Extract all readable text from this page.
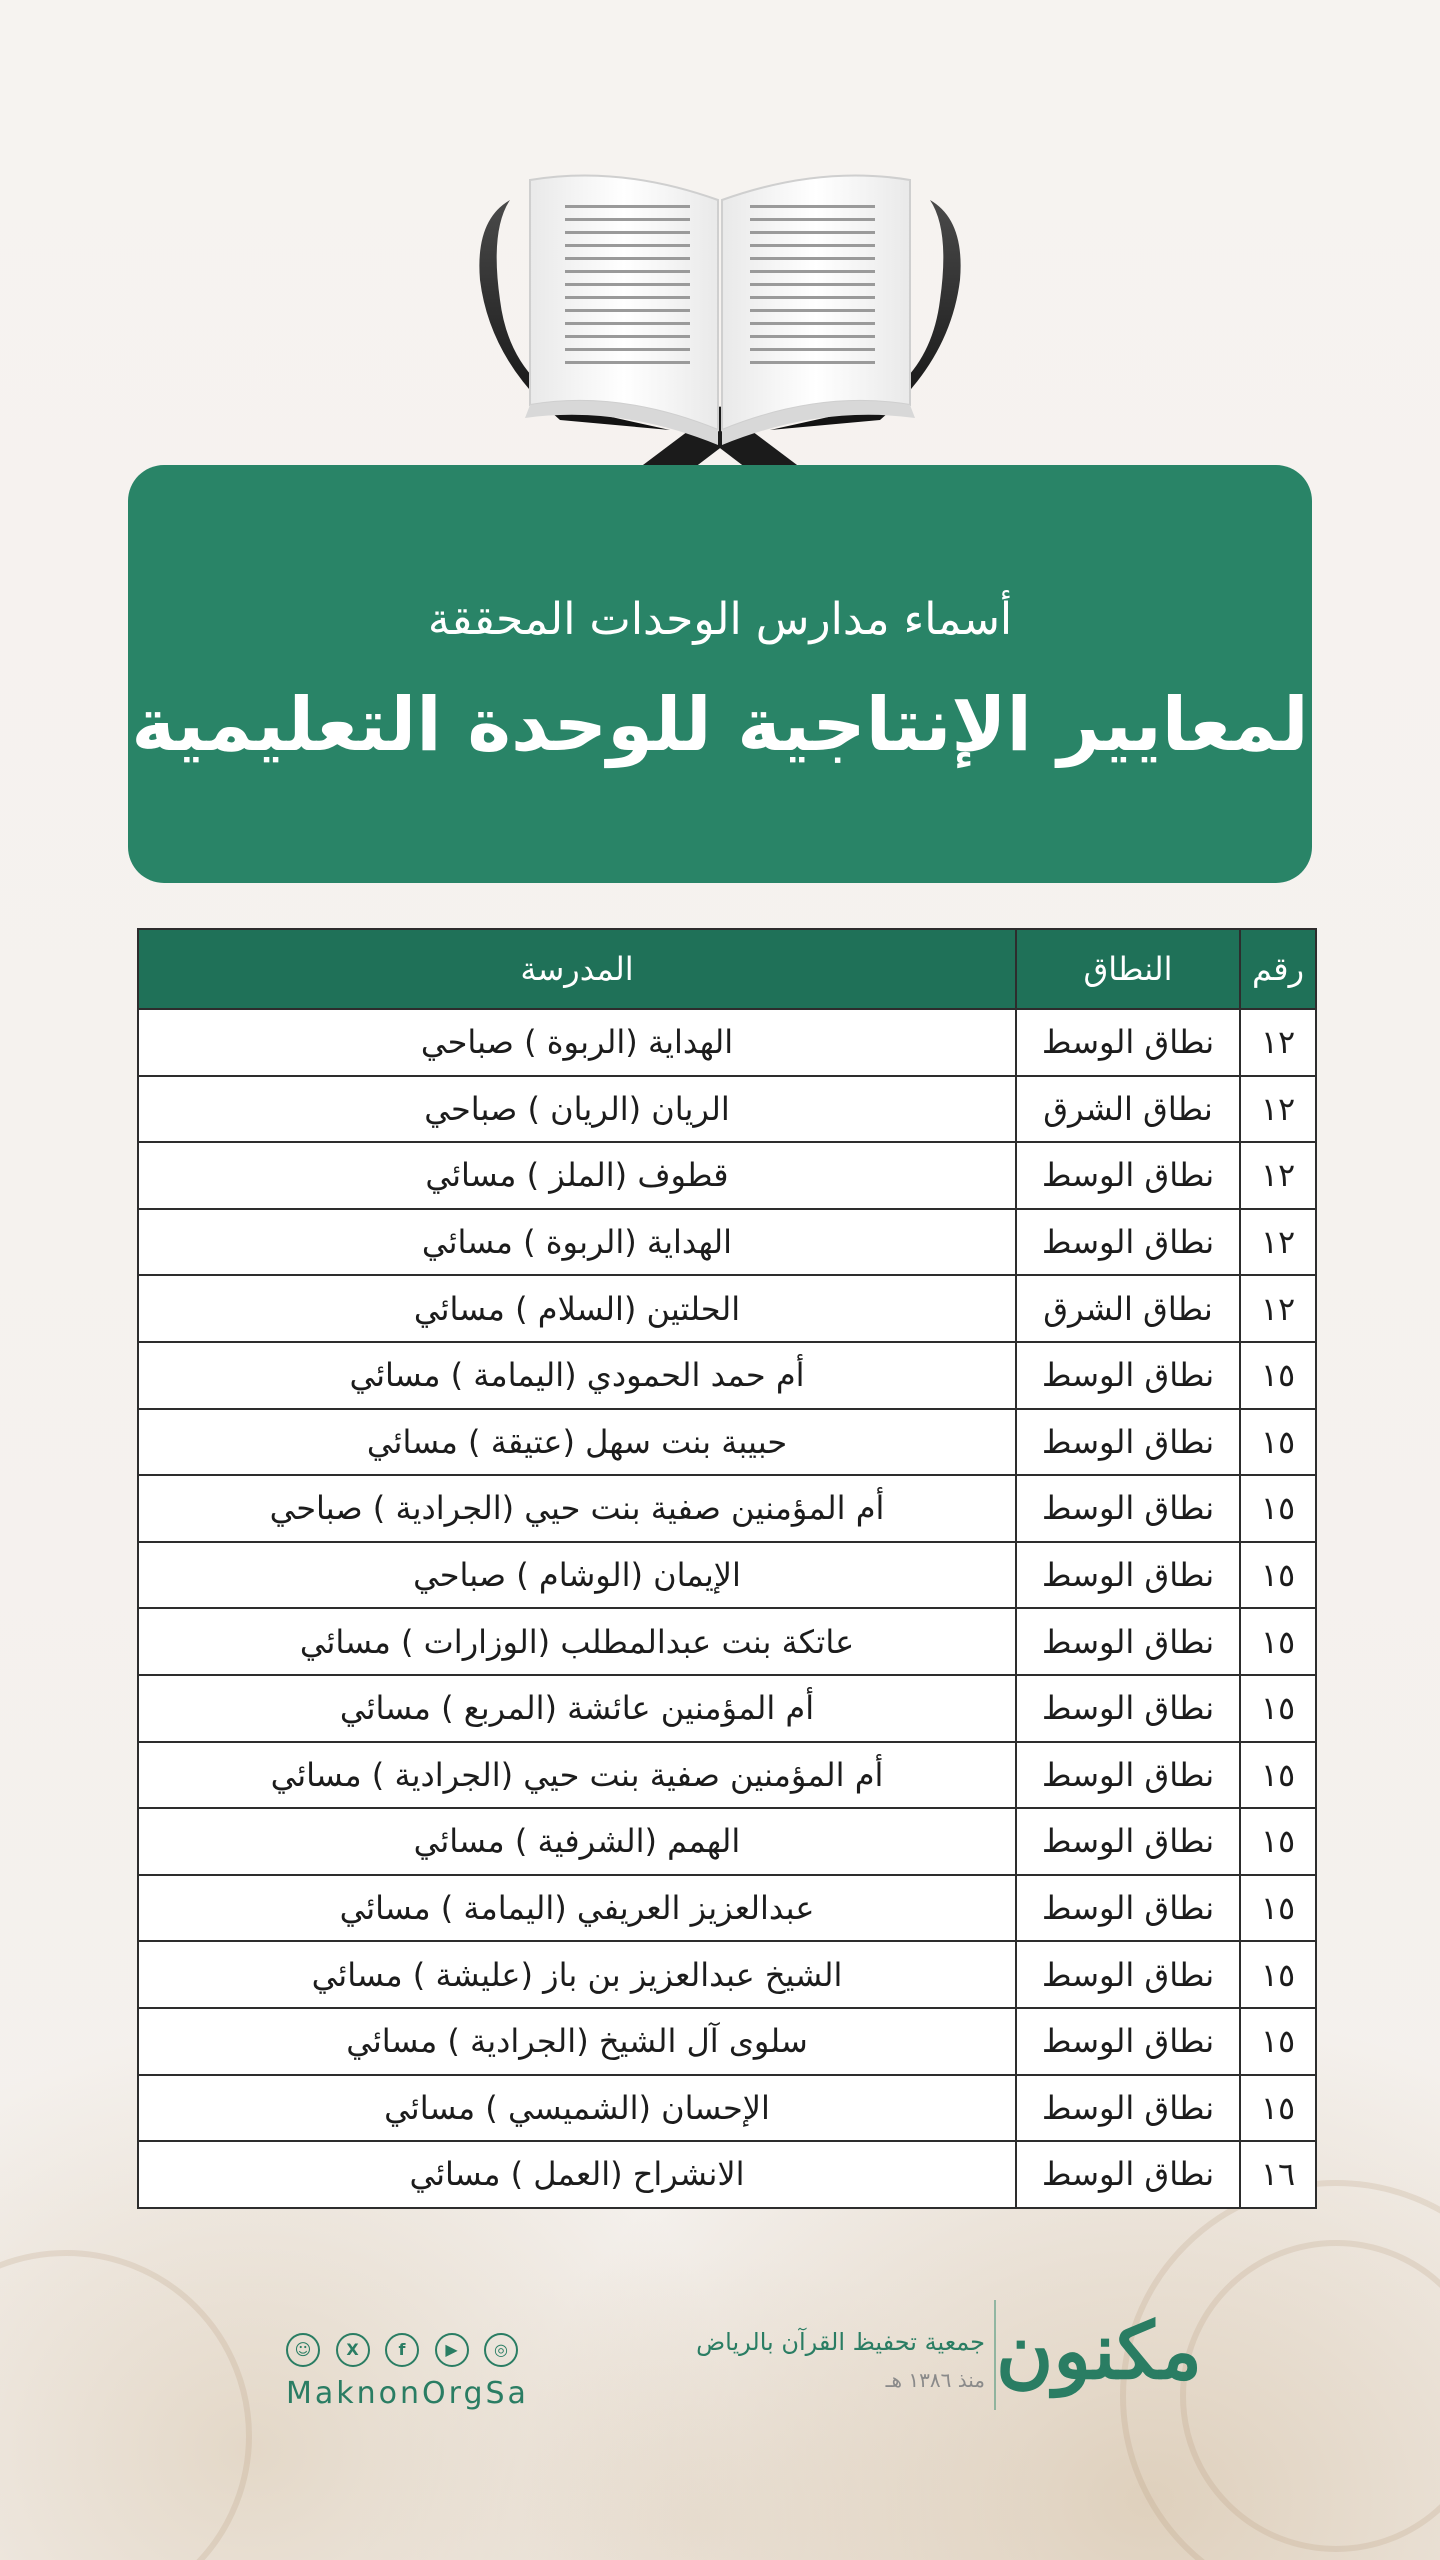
أسماء مدارس الوحدات المحققة
لمعايير الإنتاجية للوحدة التعليمية
رقم	النطاق	المدرسة
١٢	نطاق الوسط	الهداية (الربوة ) صباحي
١٢	نطاق الشرق	الريان (الريان ) صباحي
١٢	نطاق الوسط	قطوف (الملز ) مسائي
١٢	نطاق الوسط	الهداية (الربوة ) مسائي
١٢	نطاق الشرق	الحلتين (السلام ) مسائي
١٥	نطاق الوسط	أم حمد الحمودي (اليمامة ) مسائي
١٥	نطاق الوسط	حبيبة بنت سهل (عتيقة ) مسائي
١٥	نطاق الوسط	أم المؤمنين صفية بنت حيي (الجرادية ) صباحي
١٥	نطاق الوسط	الإيمان (الوشام ) صباحي
١٥	نطاق الوسط	عاتكة بنت عبدالمطلب (الوزارات ) مسائي
١٥	نطاق الوسط	أم المؤمنين عائشة (المربع ) مسائي
١٥	نطاق الوسط	أم المؤمنين صفية بنت حيي (الجرادية ) مسائي
١٥	نطاق الوسط	الهمم (الشرفية ) مسائي
١٥	نطاق الوسط	عبدالعزيز العريفي (اليمامة ) مسائي
١٥	نطاق الوسط	الشيخ عبدالعزيز بن باز (عليشة ) مسائي
١٥	نطاق الوسط	سلوى آل الشيخ (الجرادية ) مسائي
١٥	نطاق الوسط	الإحسان (الشميسي ) مسائي
١٦	نطاق الوسط	الانشراح (العمل ) مسائي
مكنون
جمعية تحفيظ القرآن بالرياض
منذ ١٣٨٦ هـ
☺	X	f	▶	◎
MaknonOrgSa
